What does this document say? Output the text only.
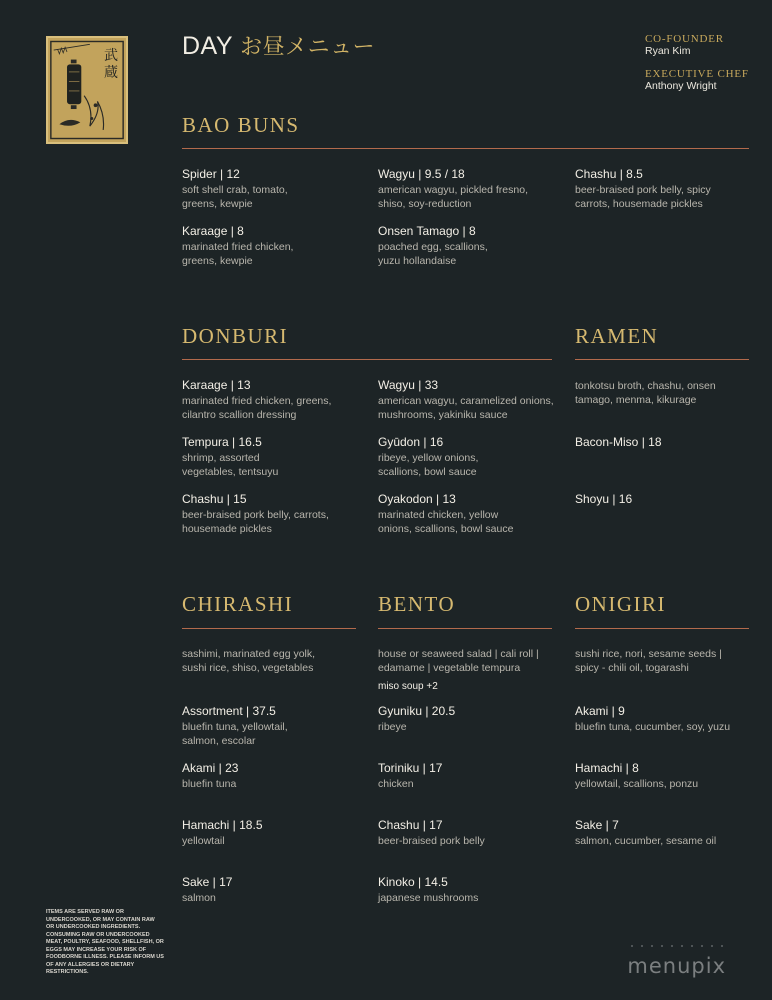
武蔵
DAY お昼メニュー	CO-FOUNDER
Ryan Kim
EXECUTIVE CHEF
Anthony Wright
BAO BUNS
Spider | 12
soft shell crab, tomato, greens, kewpie
Karaage | 8
marinated fried chicken, greens, kewpie
Wagyu | 9.5 / 18
american wagyu, pickled fresno, shiso, soy-reduction
Onsen Tamago | 8
poached egg, scallions, yuzu hollandaise
Chashu | 8.5
beer-braised pork belly, spicy carrots, housemade pickles
DONBURI
Karaage | 13
marinated fried chicken, greens, cilantro scallion dressing
Tempura | 16.5
shrimp, assorted vegetables, tentsuyu
Chashu | 15
beer-braised pork belly, carrots, housemade pickles
Wagyu | 33
american wagyu, caramelized onions, mushrooms, yakiniku sauce
Gyūdon | 16
ribeye, yellow onions, scallions, bowl sauce
Oyakodon | 13
marinated chicken, yellow onions, scallions, bowl sauce
RAMEN
tonkotsu broth, chashu, onsen tamago, menma, kikurage
Bacon-Miso | 18
Shoyu | 16
CHIRASHI
sashimi, marinated egg yolk, sushi rice, shiso, vegetables
Assortment | 37.5
bluefin tuna, yellowtail, salmon, escolar
Akami | 23
bluefin tuna
Hamachi | 18.5
yellowtail
Sake | 17
salmon
BENTO
house or seaweed salad | cali roll | edamame | vegetable tempura
miso soup +2
Gyuniku | 20.5
ribeye
Toriniku | 17
chicken
Chashu | 17
beer-braised pork belly
Kinoko | 14.5
japanese mushrooms
ONIGIRI
sushi rice, nori, sesame seeds | spicy - chili oil, togarashi
Akami | 9
bluefin tuna, cucumber, soy, yuzu
Hamachi | 8
yellowtail, scallions, ponzu
Sake | 7
salmon, cucumber, sesame oil
ITEMS ARE SERVED RAW OR UNDERCOOKED, OR MAY CONTAIN RAW OR UNDERCOOKED INGREDIENTS. CONSUMING RAW OR UNDERCOOKED MEAT, POULTRY, SEAFOOD, SHELLFISH, OR EGGS MAY INCREASE YOUR RISK OF FOODBORNE ILLNESS. PLEASE INFORM US OF ANY ALLERGIES OR DIETARY RESTRICTIONS.	menupix
